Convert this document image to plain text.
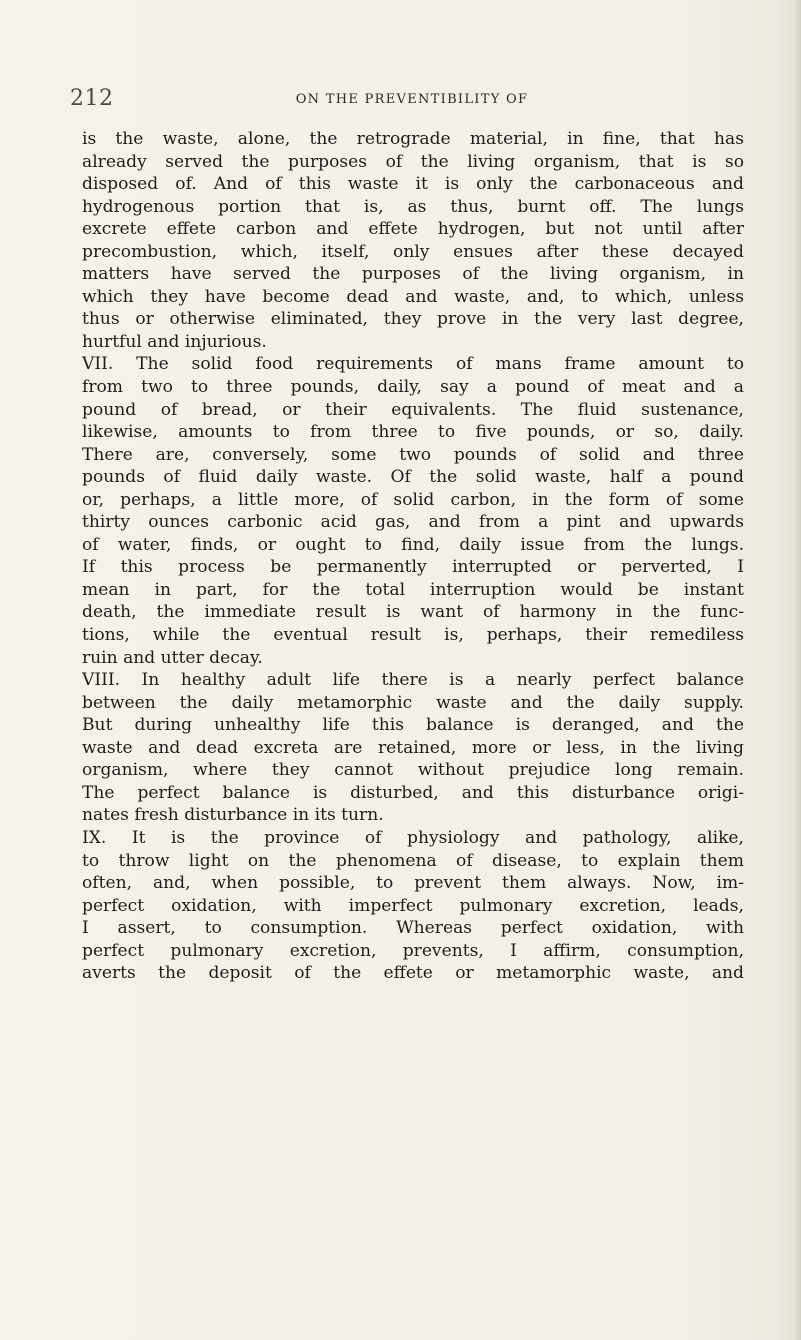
212	ON THE PREVENTIBILITY OF
is the waste, alone, the retrograde material, in fine, that has
already served the purposes of the living organism, that is so
disposed of. And of this waste it is only the carbonaceous and
hydrogenous portion that is, as thus, burnt off. The lungs
excrete effete carbon and effete hydrogen, but not until after
precombustion, which, itself, only ensues after these decayed
matters have served the purposes of the living organism, in
which they have become dead and waste, and, to which, unless
thus or otherwise eliminated, they prove in the very last degree,
hurtful and injurious.
VII. The solid food requirements of mans frame amount to
from two to three pounds, daily, say a pound of meat and a
pound of bread, or their equivalents. The fluid sustenance,
likewise, amounts to from three to five pounds, or so, daily.
There are, conversely, some two pounds of solid and three
pounds of fluid daily waste. Of the solid waste, half a pound
or, perhaps, a little more, of solid carbon, in the form of some
thirty ounces carbonic acid gas, and from a pint and upwards
of water, finds, or ought to find, daily issue from the lungs.
If this process be permanently interrupted or perverted, I
mean in part, for the total interruption would be instant
death, the immediate result is want of harmony in the func-
tions, while the eventual result is, perhaps, their remediless
ruin and utter decay.
VIII. In healthy adult life there is a nearly perfect balance
between the daily metamorphic waste and the daily supply.
But during unhealthy life this balance is deranged, and the
waste and dead excreta are retained, more or less, in the living
organism, where they cannot without prejudice long remain.
The perfect balance is disturbed, and this disturbance origi-
nates fresh disturbance in its turn.
IX. It is the province of physiology and pathology, alike,
to throw light on the phenomena of disease, to explain them
often, and, when possible, to prevent them always. Now, im-
perfect oxidation, with imperfect pulmonary excretion, leads,
I assert, to consumption. Whereas perfect oxidation, with
perfect pulmonary excretion, prevents, I affirm, consumption,
averts the deposit of the effete or metamorphic waste, and
